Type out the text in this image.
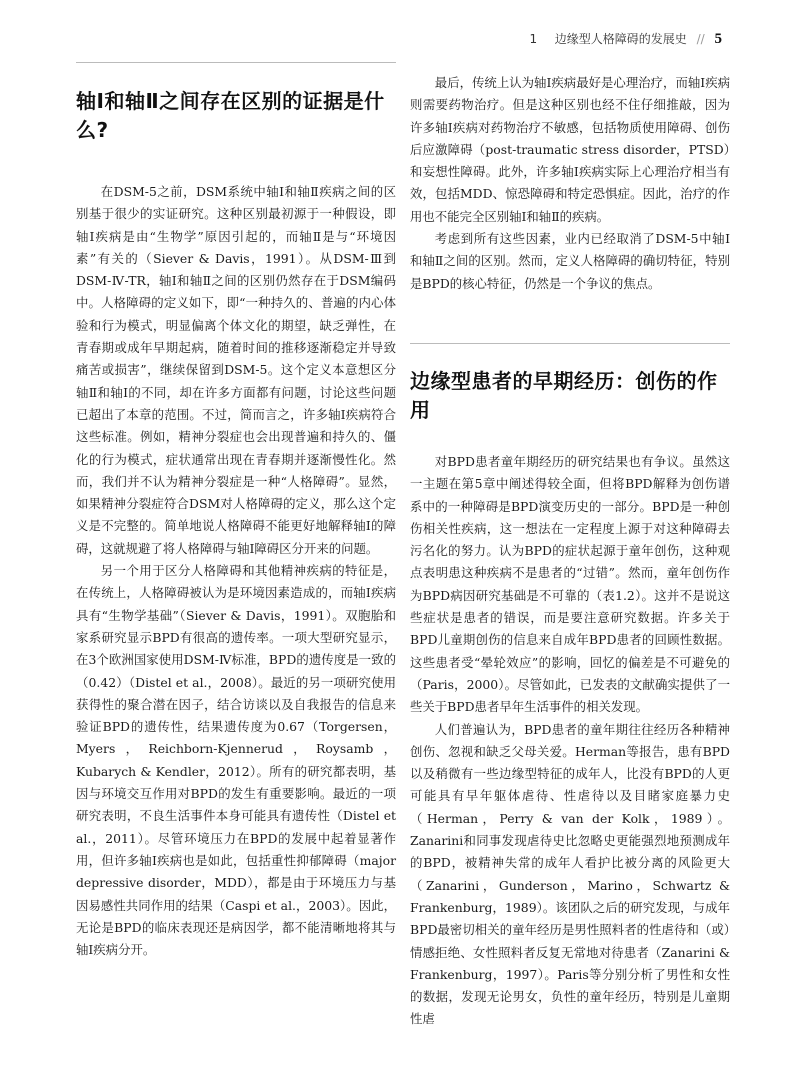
1 边缘型人格障碍的发展史 // 5
轴Ⅰ和轴Ⅱ之间存在区别的证据是什么?

在DSM-5之前，DSM系统中轴Ⅰ和轴Ⅱ疾病之间的区别基于很少的实证研究。这种区别最初源于一种假设，即轴Ⅰ疾病是由“生物学”原因引起的，而轴Ⅱ是与“环境因素”有关的（Siever & Davis，1991）。从DSM-Ⅲ到DSM-Ⅳ-TR，轴Ⅰ和轴Ⅱ之间的区别仍然存在于DSM编码中。人格障碍的定义如下，即“一种持久的、普遍的内心体验和行为模式，明显偏离个体文化的期望，缺乏弹性，在青春期或成年早期起病，随着时间的推移逐渐稳定并导致痛苦或损害”，继续保留到DSM-5。这个定义本意想区分轴Ⅱ和轴Ⅰ的不同，却在许多方面都有问题，讨论这些问题已超出了本章的范围。不过，简而言之，许多轴Ⅰ疾病符合这些标准。例如，精神分裂症也会出现普遍和持久的、僵化的行为模式，症状通常出现在青春期并逐渐慢性化。然而，我们并不认为精神分裂症是一种“人格障碍”。显然，如果精神分裂症符合DSM对人格障碍的定义，那么这个定义是不完整的。简单地说人格障碍不能更好地解释轴Ⅰ的障碍，这就规避了将人格障碍与轴Ⅰ障碍区分开来的问题。

另一个用于区分人格障碍和其他精神疾病的特征是，在传统上，人格障碍被认为是环境因素造成的，而轴Ⅰ疾病具有“生物学基础”（Siever & Davis，1991）。双胞胎和家系研究显示BPD有很高的遗传率。一项大型研究显示，在3个欧洲国家使用DSM-Ⅳ标准，BPD的遗传度是一致的（0.42）（Distel et al.，2008）。最近的另一项研究使用获得性的聚合潜在因子，结合访谈以及自我报告的信息来验证BPD的遗传性，结果遗传度为0.67（Torgersen，Myers，Reichborn-Kjennerud，Roysamb，Kubarych & Kendler，2012）。所有的研究都表明，基因与环境交互作用对BPD的发生有重要影响。最近的一项研究表明，不良生活事件本身可能具有遗传性（Distel et al.，2011）。尽管环境压力在BPD的发展中起着显著作用，但许多轴Ⅰ疾病也是如此，包括重性抑郁障碍（major depressive disorder，MDD），都是由于环境压力与基因易感性共同作用的结果（Caspi et al.，2003）。因此，无论是BPD的临床表现还是病因学，都不能清晰地将其与轴Ⅰ疾病分开。

最后，传统上认为轴Ⅰ疾病最好是心理治疗，而轴Ⅰ疾病则需要药物治疗。但是这种区别也经不住仔细推敲，因为许多轴Ⅰ疾病对药物治疗不敏感，包括物质使用障碍、创伤后应激障碍（post-traumatic stress disorder，PTSD）和妄想性障碍。此外，许多轴Ⅰ疾病实际上心理治疗相当有效，包括MDD、惊恐障碍和特定恐惧症。因此，治疗的作用也不能完全区别轴Ⅰ和轴Ⅱ的疾病。

考虑到所有这些因素，业内已经取消了DSM-5中轴Ⅰ和轴Ⅱ之间的区别。然而，定义人格障碍的确切特征，特别是BPD的核心特征，仍然是一个争议的焦点。

边缘型患者的早期经历：创伤的作用

对BPD患者童年期经历的研究结果也有争议。虽然这一主题在第5章中阐述得较全面，但将BPD解释为创伤谱系中的一种障碍是BPD演变历史的一部分。BPD是一种创伤相关性疾病，这一想法在一定程度上源于对这种障碍去污名化的努力。认为BPD的症状起源于童年创伤，这种观点表明患这种疾病不是患者的“过错”。然而，童年创伤作为BPD病因研究基础是不可靠的（表1.2）。这并不是说这些症状是患者的错误，而是要注意研究数据。许多关于BPD儿童期创伤的信息来自成年BPD患者的回顾性数据。这些患者受“晕轮效应”的影响，回忆的偏差是不可避免的（Paris，2000）。尽管如此，已发表的文献确实提供了一些关于BPD患者早年生活事件的相关发现。

人们普遍认为，BPD患者的童年期往往经历各种精神创伤、忽视和缺乏父母关爱。Herman等报告，患有BPD以及稍微有一些边缘型特征的成年人，比没有BPD的人更可能具有早年躯体虐待、性虐待以及目睹家庭暴力史（Herman，Perry & van der Kolk，1989）。Zanarini和同事发现虐待史比忽略史更能强烈地预测成年的BPD，被精神失常的成年人看护比被分离的风险更大（Zanarini，Gunderson，Marino，Schwartz & Frankenburg，1989）。该团队之后的研究发现，与成年BPD最密切相关的童年经历是男性照料者的性虐待和（或）情感拒绝、女性照料者反复无常地对待患者（Zanarini & Frankenburg，1997）。Paris等分别分析了男性和女性的数据，发现无论男女，负性的童年经历，特别是儿童期性虐
